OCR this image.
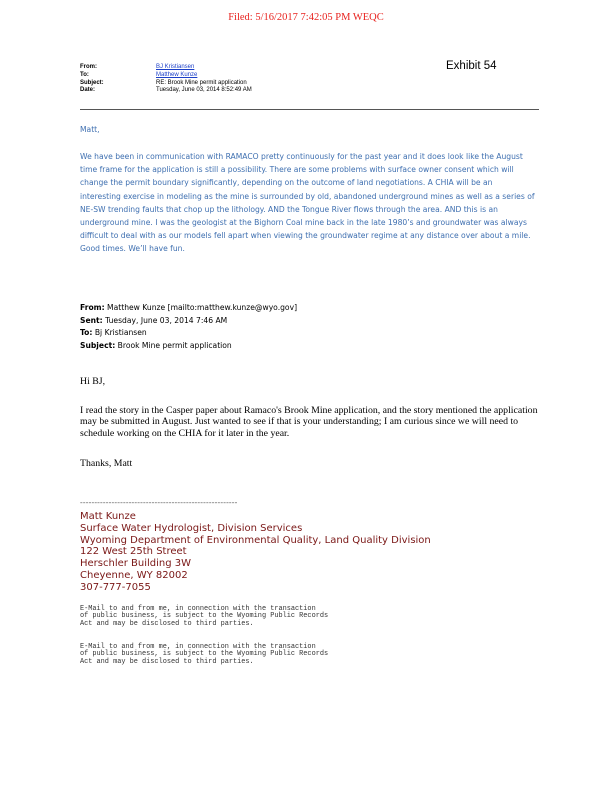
Filed: 5/16/2017 7:42:05 PM WEQC
Exhibit 54
From:	BJ Kristiansen
To:	Matthew Kunze
Subject:	RE: Brook Mine permit application
Date:	Tuesday, June 03, 2014 8:52:49 AM
Matt,
We have been in communication with RAMACO pretty continuously for the past year and it does look like the August time frame for the application is still a possibility. There are some problems with surface owner consent which will change the permit boundary significantly, depending on the outcome of land negotiations. A CHIA will be an interesting exercise in modeling as the mine is surrounded by old, abandoned underground mines as well as a series of NE-SW trending faults that chop up the lithology. AND the Tongue River flows through the area. AND this is an underground mine. I was the geologist at the Bighorn Coal mine back in the late 1980’s and groundwater was always difficult to deal with as our models fell apart when viewing the groundwater regime at any distance over about a mile. Good times. We’ll have fun.
From: Matthew Kunze [mailto:matthew.kunze@wyo.gov]
Sent: Tuesday, June 03, 2014 7:46 AM
To: Bj Kristiansen
Subject: Brook Mine permit application
Hi BJ,
I read the story in the Casper paper about Ramaco's Brook Mine application, and the story mentioned the application may be submitted in August. Just wanted to see if that is your understanding; I am curious since we will need to schedule working on the CHIA for it later in the year.
Thanks, Matt
-------------------------------------------------------
Matt Kunze
Surface Water Hydrologist, Division Services
Wyoming Department of Environmental Quality, Land Quality Division
122 West 25th Street
Herschler Building 3W
Cheyenne, WY 82002
307-777-7055
E-Mail to and from me, in connection with the transaction
of public business, is subject to the Wyoming Public Records
Act and may be disclosed to third parties.
E-Mail to and from me, in connection with the transaction
of public business, is subject to the Wyoming Public Records
Act and may be disclosed to third parties.
